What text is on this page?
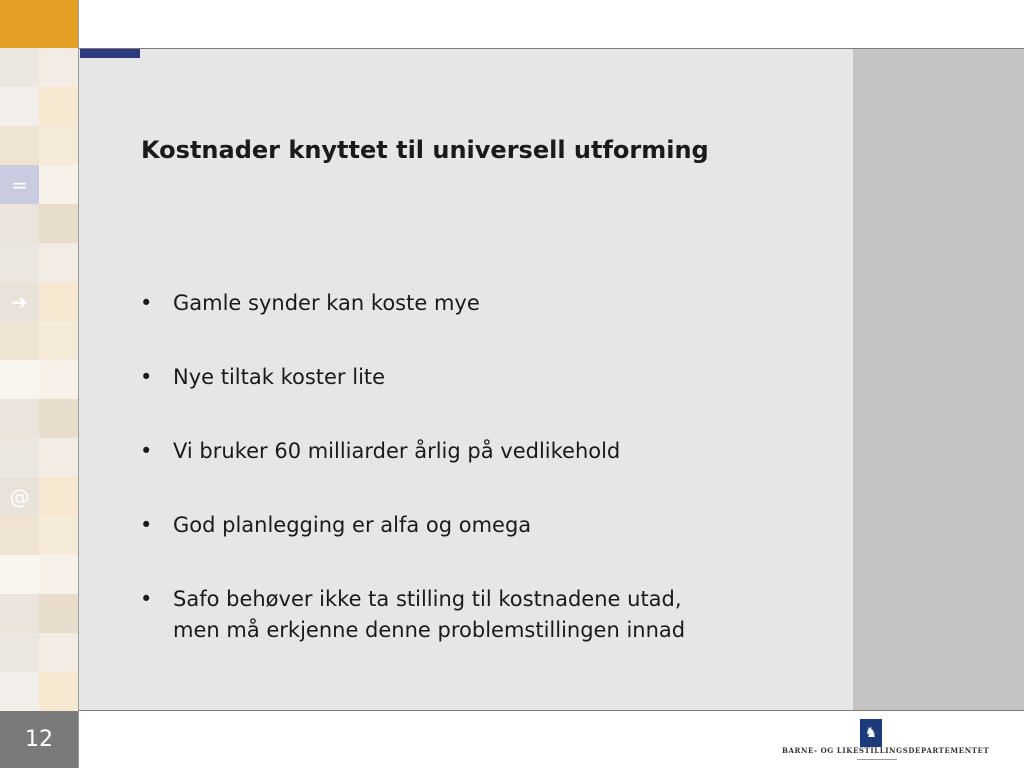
=
➔
@
Kostnader knyttet til universell utforming
• Gamle synder kan koste mye
• Nye tiltak koster lite
• Vi bruker 60 milliarder årlig på vedlikehold
• God planlegging er alfa og omega
• Safo behøver ikke ta stilling til kostnadene utad,
men må erkjenne denne problemstillingen innad
12	♞
BARNE- OG LIKESTILLINGSDEPARTEMENTET
